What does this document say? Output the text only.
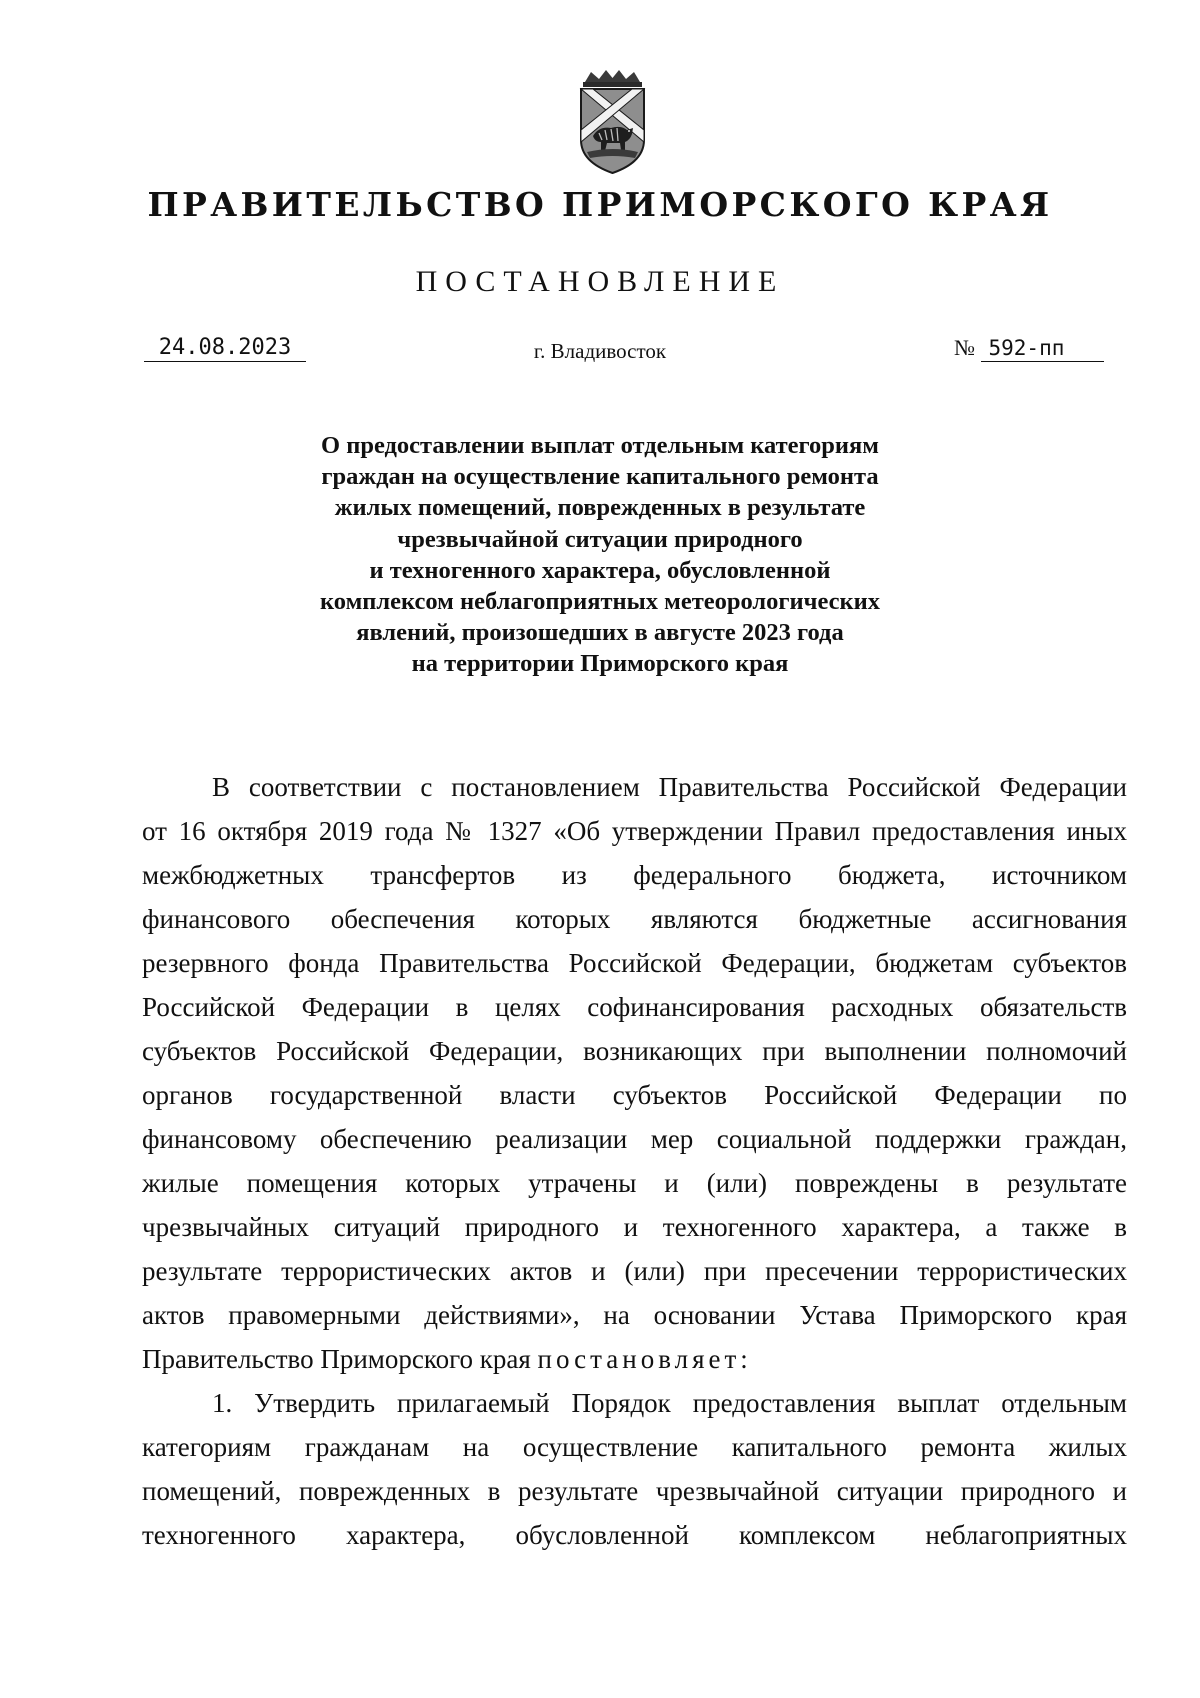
ПРАВИТЕЛЬСТВО ПРИМОРСКОГО КРАЯ
ПОСТАНОВЛЕНИЕ
24.08.2023	г. Владивосток	№ 592-пп
О предоставлении выплат отдельным категориям
граждан на осуществление капитального ремонта
жилых помещений, поврежденных в результате
чрезвычайной ситуации природного
и техногенного характера, обусловленной
комплексом неблагоприятных метеорологических
явлений, произошедших в августе 2023 года
на территории Приморского края
В соответствии с постановлением Правительства Российской Федерации
от 16 октября 2019 года № 1327 «Об утверждении Правил предоставления иных
межбюджетных трансфертов из федерального бюджета, источником
финансового обеспечения которых являются бюджетные ассигнования
резервного фонда Правительства Российской Федерации, бюджетам субъектов
Российской Федерации в целях софинансирования расходных обязательств
субъектов Российской Федерации, возникающих при выполнении полномочий
органов государственной власти субъектов Российской Федерации по
финансовому обеспечению реализации мер социальной поддержки граждан,
жилые помещения которых утрачены и (или) повреждены в результате
чрезвычайных ситуаций природного и техногенного характера, а также в
результате террористических актов и (или) при пресечении террористических
актов правомерными действиями», на основании Устава Приморского края
Правительство Приморского края постановляет:
1. Утвердить прилагаемый Порядок предоставления выплат отдельным
категориям гражданам на осуществление капитального ремонта жилых
помещений, поврежденных в результате чрезвычайной ситуации природного и
техногенного характера, обусловленной комплексом неблагоприятных
